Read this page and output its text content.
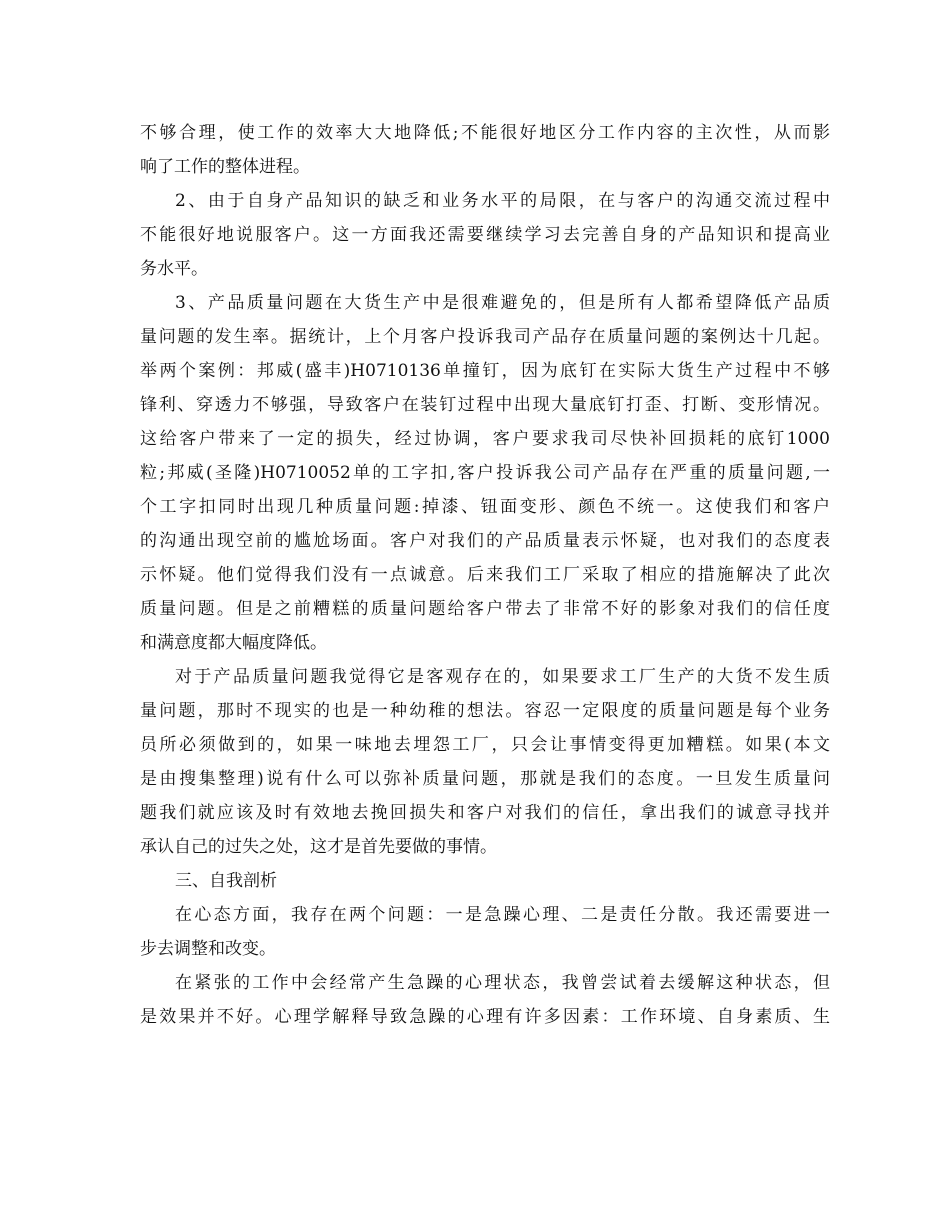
不够合理，使工作的效率大大地降低;不能很好地区分工作内容的主次性，从而影
响了工作的整体进程。
2、由于自身产品知识的缺乏和业务水平的局限，在与客户的沟通交流过程中
不能很好地说服客户。这一方面我还需要继续学习去完善自身的产品知识和提高业
务水平。
3、产品质量问题在大货生产中是很难避免的，但是所有人都希望降低产品质
量问题的发生率。据统计，上个月客户投诉我司产品存在质量问题的案例达十几起。
举两个案例：邦威(盛丰)H0710136单撞钉，因为底钉在实际大货生产过程中不够
锋利、穿透力不够强，导致客户在装钉过程中出现大量底钉打歪、打断、变形情况。
这给客户带来了一定的损失，经过协调，客户要求我司尽快补回损耗的底钉1000
粒;邦威(圣隆)H0710052单的工字扣,客户投诉我公司产品存在严重的质量问题,一
个工字扣同时出现几种质量问题:掉漆、钮面变形、颜色不统一。这使我们和客户
的沟通出现空前的尴尬场面。客户对我们的产品质量表示怀疑，也对我们的态度表
示怀疑。他们觉得我们没有一点诚意。后来我们工厂采取了相应的措施解决了此次
质量问题。但是之前糟糕的质量问题给客户带去了非常不好的影象对我们的信任度
和满意度都大幅度降低。
对于产品质量问题我觉得它是客观存在的，如果要求工厂生产的大货不发生质
量问题，那时不现实的也是一种幼稚的想法。容忍一定限度的质量问题是每个业务
员所必须做到的，如果一味地去埋怨工厂，只会让事情变得更加糟糕。如果(本文
是由搜集整理)说有什么可以弥补质量问题，那就是我们的态度。一旦发生质量问
题我们就应该及时有效地去挽回损失和客户对我们的信任，拿出我们的诚意寻找并
承认自己的过失之处，这才是首先要做的事情。
三、自我剖析
在心态方面，我存在两个问题：一是急躁心理、二是责任分散。我还需要进一
步去调整和改变。
在紧张的工作中会经常产生急躁的心理状态，我曾尝试着去缓解这种状态，但
是效果并不好。心理学解释导致急躁的心理有许多因素：工作环境、自身素质、生
